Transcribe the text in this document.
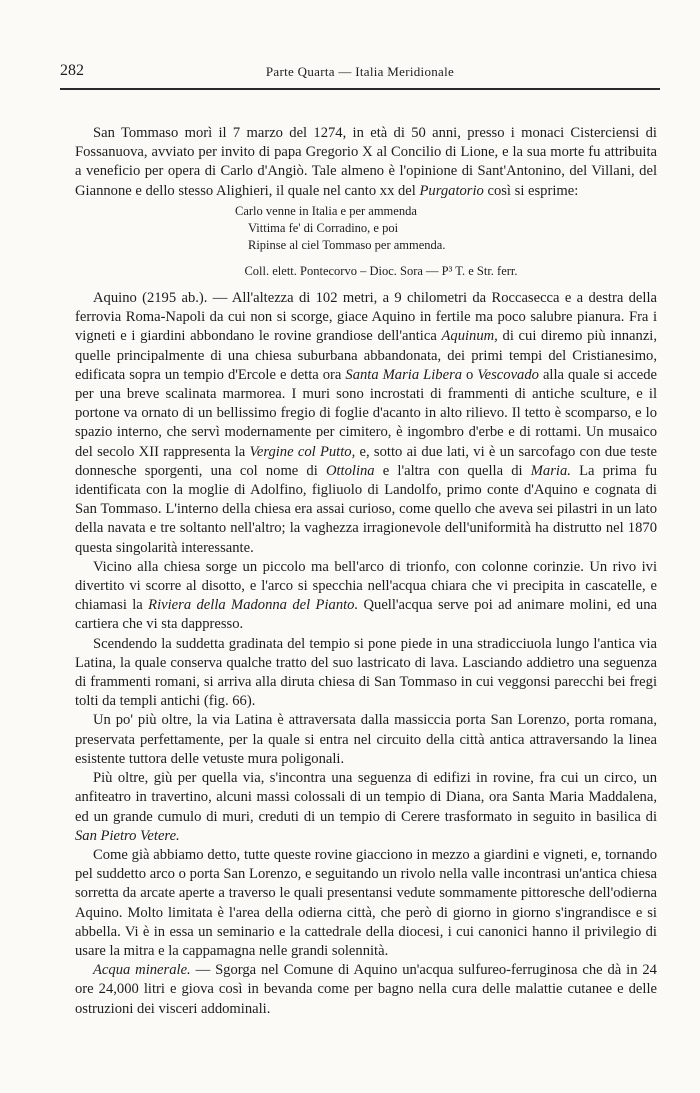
282	Parte Quarta — Italia Meridionale

San Tommaso morì il 7 marzo del 1274, in età di 50 anni, presso i monaci Cisterciensi di Fossanuova, avviato per invito di papa Gregorio X al Concilio di Lione, e la sua morte fu attribuita a veneficio per opera di Carlo d'Angiò. Tale almeno è l'opinione di Sant'Antonino, del Villani, del Giannone e dello stesso Alighieri, il quale nel canto xx del Purgatorio così si esprime:

Carlo venne in Italia e per ammenda
Vittima fe' di Corradino, e poi
Ripinse al ciel Tommaso per ammenda.
Coll. elett. Pontecorvo – Dioc. Sora — P³ T. e Str. ferr.

Aquino (2195 ab.). — All'altezza di 102 metri, a 9 chilometri da Roccasecca e a destra della ferrovia Roma-Napoli da cui non si scorge, giace Aquino in fertile ma poco salubre pianura. Fra i vigneti e i giardini abbondano le rovine grandiose dell'antica Aquinum, di cui diremo più innanzi, quelle principalmente di una chiesa suburbana abbandonata, dei primi tempi del Cristianesimo, edificata sopra un tempio d'Ercole e detta ora Santa Maria Libera o Vescovado alla quale si accede per una breve scalinata marmorea. I muri sono incrostati di frammenti di antiche sculture, e il portone va ornato di un bellissimo fregio di foglie d'acanto in alto rilievo. Il tetto è scomparso, e lo spazio interno, che servì modernamente per cimitero, è ingombro d'erbe e di rottami. Un musaico del secolo XII rappresenta la Vergine col Putto, e, sotto ai due lati, vi è un sarcofago con due teste donnesche sporgenti, una col nome di Ottolina e l'altra con quella di Maria. La prima fu identificata con la moglie di Adolfino, figliuolo di Landolfo, primo conte d'Aquino e cognata di San Tommaso. L'interno della chiesa era assai curioso, come quello che aveva sei pilastri in un lato della navata e tre soltanto nell'altro; la vaghezza irragionevole dell'uniformità ha distrutto nel 1870 questa singolarità interessante.

Vicino alla chiesa sorge un piccolo ma bell'arco di trionfo, con colonne corinzie. Un rivo ivi divertito vi scorre al disotto, e l'arco si specchia nell'acqua chiara che vi precipita in cascatelle, e chiamasi la Riviera della Madonna del Pianto. Quell'acqua serve poi ad animare molini, ed una cartiera che vi sta dappresso.

Scendendo la suddetta gradinata del tempio si pone piede in una stradicciuola lungo l'antica via Latina, la quale conserva qualche tratto del suo lastricato di lava. Lasciando addietro una seguenza di frammenti romani, si arriva alla diruta chiesa di San Tommaso in cui veggonsi parecchi bei fregi tolti da templi antichi (fig. 66).

Un po' più oltre, la via Latina è attraversata dalla massiccia porta San Lorenzo, porta romana, preservata perfettamente, per la quale si entra nel circuito della città antica attraversando la linea esistente tuttora delle vetuste mura poligonali.

Più oltre, giù per quella via, s'incontra una seguenza di edifizi in rovine, fra cui un circo, un anfiteatro in travertino, alcuni massi colossali di un tempio di Diana, ora Santa Maria Maddalena, ed un grande cumulo di muri, creduti di un tempio di Cerere trasformato in seguito in basilica di San Pietro Vetere.

Come già abbiamo detto, tutte queste rovine giacciono in mezzo a giardini e vigneti, e, tornando pel suddetto arco o porta San Lorenzo, e seguitando un rivolo nella valle incontrasi un'antica chiesa sorretta da arcate aperte a traverso le quali presentansi vedute sommamente pittoresche dell'odierna Aquino. Molto limitata è l'area della odierna città, che però di giorno in giorno s'ingrandisce e si abbella. Vi è in essa un seminario e la cattedrale della diocesi, i cui canonici hanno il privilegio di usare la mitra e la cappamagna nelle grandi solennità.

Acqua minerale. — Sgorga nel Comune di Aquino un'acqua sulfureo-ferruginosa che dà in 24 ore 24,000 litri e giova così in bevanda come per bagno nella cura delle malattie cutanee e delle ostruzioni dei visceri addominali.
